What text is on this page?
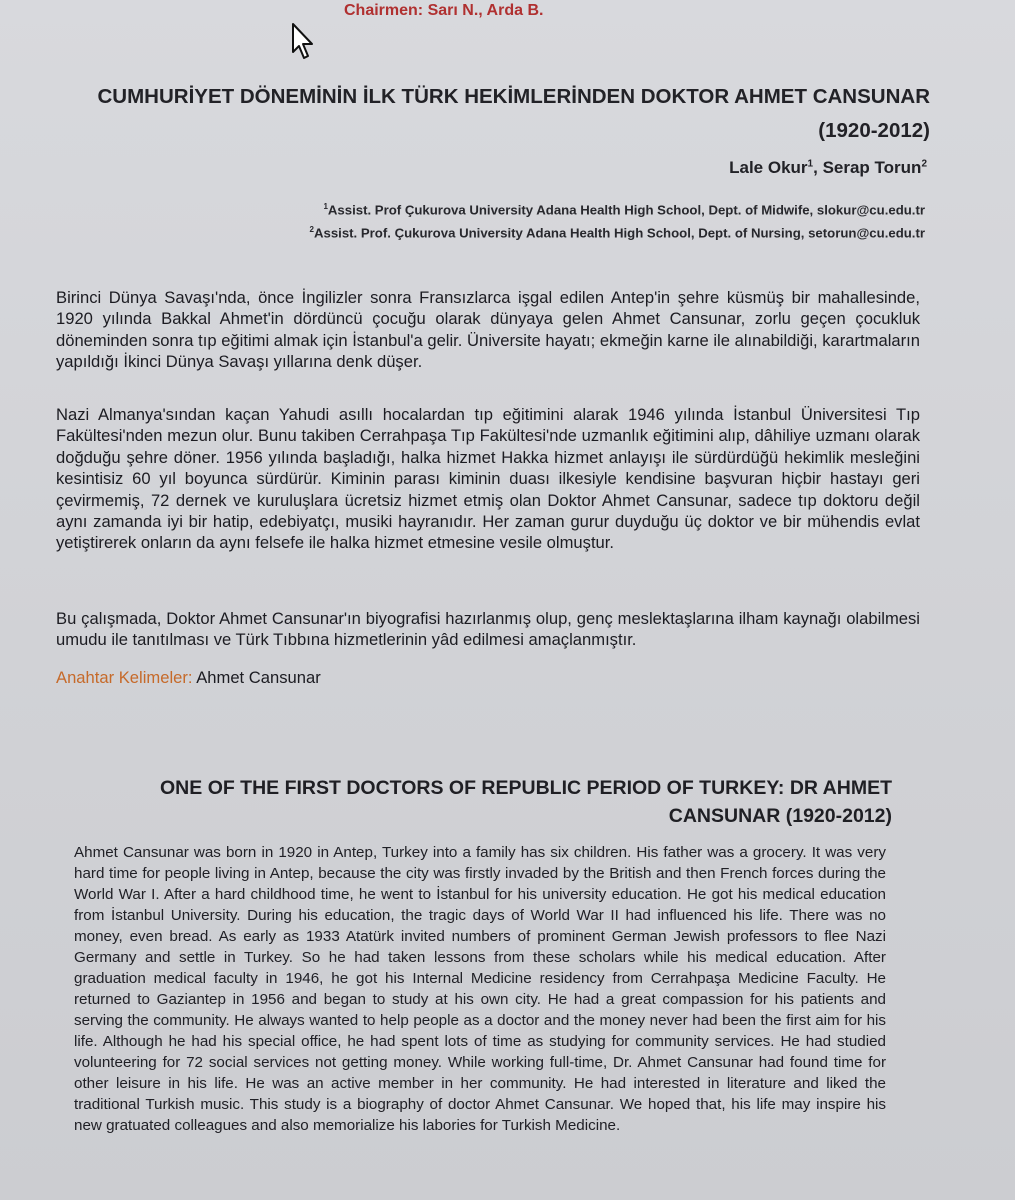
Chairmen: Sarı N., Arda B.
CUMHURİYET DÖNEMİNİN İLK TÜRK HEKİMLERİNDEN DOKTOR AHMET CANSUNAR (1920-2012)
Lale Okur$^1$, Serap Torun$^2$
$^1$Assist. Prof Çukurova University Adana Health High School, Dept. of Midwife, slokur@cu.edu.tr
$^2$Assist. Prof. Çukurova University Adana Health High School, Dept. of Nursing, setorun@cu.edu.tr
Birinci Dünya Savaşı'nda, önce İngilizler sonra Fransızlarca işgal edilen Antep'in şehre küsmüş bir mahallesinde, 1920 yılında Bakkal Ahmet'in dördüncü çocuğu olarak dünyaya gelen Ahmet Cansunar, zorlu geçen çocukluk döneminden sonra tıp eğitimi almak için İstanbul'a gelir. Üniversite hayatı; ekmeğin karne ile alınabildiği, karartmaların yapıldığı İkinci Dünya Savaşı yıllarına denk düşer.
Nazi Almanya'sından kaçan Yahudi asıllı hocalardan tıp eğitimini alarak 1946 yılında İstanbul Üniversitesi Tıp Fakültesi'nden mezun olur. Bunu takiben Cerrahpaşa Tıp Fakültesi'nde uzmanlık eğitimini alıp, dâhiliye uzmanı olarak doğduğu şehre döner. 1956 yılında başladığı, halka hizmet Hakka hizmet anlayışı ile sürdürdüğü hekimlik mesleğini kesintisiz 60 yıl boyunca sürdürür. Kiminin parası kiminin duası ilkesiyle kendisine başvuran hiçbir hastayı geri çevirmemiş, 72 dernek ve kuruluşlara ücretsiz hizmet etmiş olan Doktor Ahmet Cansunar, sadece tıp doktoru değil aynı zamanda iyi bir hatip, edebiyatçı, musiki hayranıdır. Her zaman gurur duyduğu üç doktor ve bir mühendis evlat yetiştirerek onların da aynı felsefe ile halka hizmet etmesine vesile olmuştur.
Bu çalışmada, Doktor Ahmet Cansunar'ın biyografisi hazırlanmış olup, genç meslektaşlarına ilham kaynağı olabilmesi umudu ile tanıtılması ve Türk Tıbbına hizmetlerinin yâd edilmesi amaçlanmıştır.
Anahtar Kelimeler: Ahmet Cansunar
ONE OF THE FIRST DOCTORS OF REPUBLIC PERIOD OF TURKEY: DR AHMET CANSUNAR (1920-2012)
Ahmet Cansunar was born in 1920 in Antep, Turkey into a family has six children. His father was a grocery. It was very hard time for people living in Antep, because the city was firstly invaded by the British and then French forces during the World War I. After a hard childhood time, he went to İstanbul for his university education. He got his medical education from İstanbul University. During his education, the tragic days of World War II had influenced his life. There was no money, even bread. As early as 1933 Atatürk invited numbers of prominent German Jewish professors to flee Nazi Germany and settle in Turkey. So he had taken lessons from these scholars while his medical education. After graduation medical faculty in 1946, he got his Internal Medicine residency from Cerrahpaşa Medicine Faculty. He returned to Gaziantep in 1956 and began to study at his own city. He had a great compassion for his patients and serving the community. He always wanted to help people as a doctor and the money never had been the first aim for his life. Although he had his special office, he had spent lots of time as studying for community services. He had studied volunteering for 72 social services not getting money. While working full-time, Dr. Ahmet Cansunar had found time for other leisure in his life. He was an active member in her community. He had interested in literature and liked the traditional Turkish music. This study is a biography of doctor Ahmet Cansunar. We hoped that, his life may inspire his new gratuated colleagues and also memorialize his labories for Turkish Medicine.
